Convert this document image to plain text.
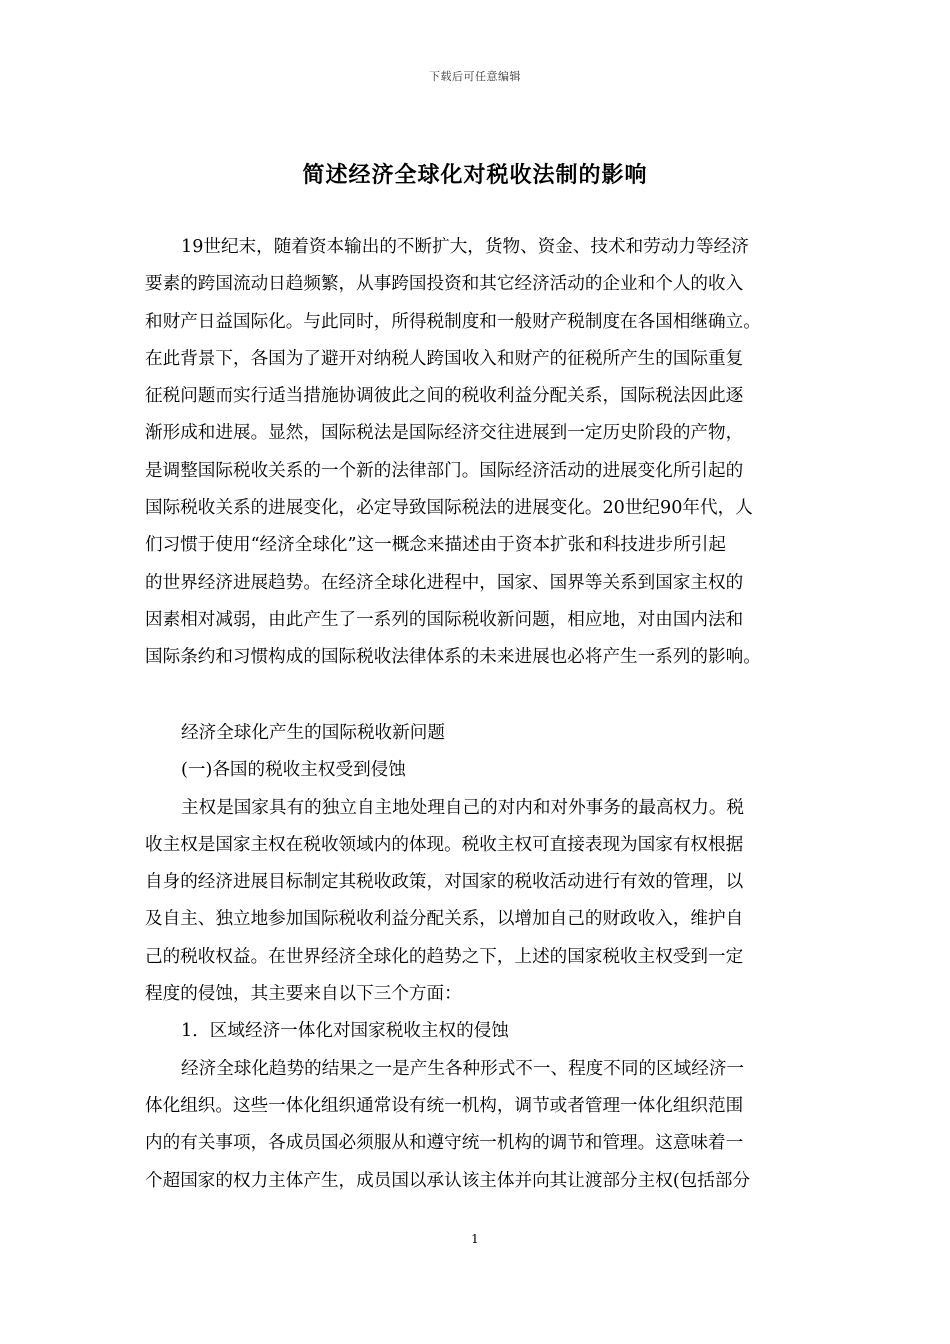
下载后可任意编辑
简述经济全球化对税收法制的影响
19世纪末，随着资本输出的不断扩大，货物、资金、技术和劳动力等经济
要素的跨国流动日趋频繁，从事跨国投资和其它经济活动的企业和个人的收入
和财产日益国际化。与此同时，所得税制度和一般财产税制度在各国相继确立。
在此背景下，各国为了避开对纳税人跨国收入和财产的征税所产生的国际重复
征税问题而实行适当措施协调彼此之间的税收利益分配关系，国际税法因此逐
渐形成和进展。显然，国际税法是国际经济交往进展到一定历史阶段的产物，
是调整国际税收关系的一个新的法律部门。国际经济活动的进展变化所引起的
国际税收关系的进展变化，必定导致国际税法的进展变化。20世纪90年代，人
们习惯于使用“经济全球化”这一概念来描述由于资本扩张和科技进步所引起
的世界经济进展趋势。在经济全球化进程中，国家、国界等关系到国家主权的
因素相对减弱，由此产生了一系列的国际税收新问题，相应地，对由国内法和
国际条约和习惯构成的国际税收法律体系的未来进展也必将产生一系列的影响。
经济全球化产生的国际税收新问题
(一)各国的税收主权受到侵蚀
主权是国家具有的独立自主地处理自己的对内和对外事务的最高权力。税
收主权是国家主权在税收领域内的体现。税收主权可直接表现为国家有权根据
自身的经济进展目标制定其税收政策，对国家的税收活动进行有效的管理，以
及自主、独立地参加国际税收利益分配关系，以增加自己的财政收入，维护自
己的税收权益。在世界经济全球化的趋势之下，上述的国家税收主权受到一定
程度的侵蚀，其主要来自以下三个方面：
1．区域经济一体化对国家税收主权的侵蚀
经济全球化趋势的结果之一是产生各种形式不一、程度不同的区域经济一
体化组织。这些一体化组织通常设有统一机构，调节或者管理一体化组织范围
内的有关事项，各成员国必须服从和遵守统一机构的调节和管理。这意味着一
个超国家的权力主体产生，成员国以承认该主体并向其让渡部分主权(包括部分
1
